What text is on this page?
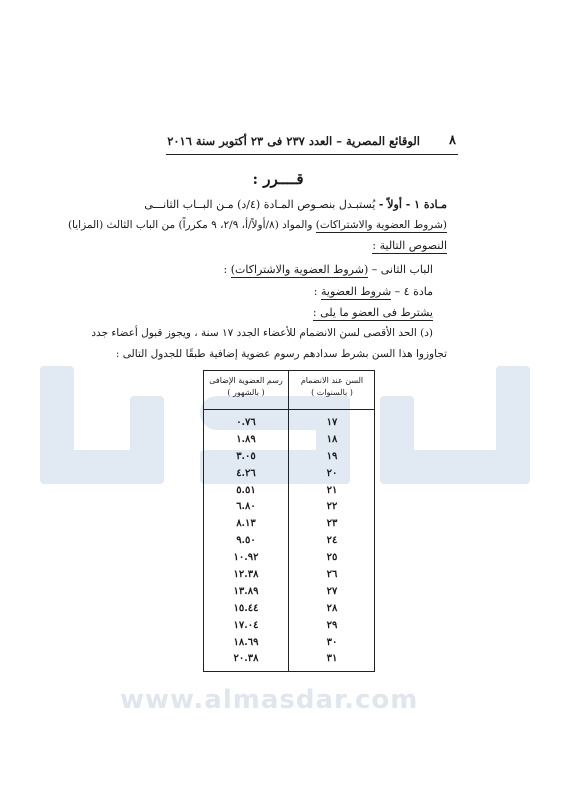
www.almasdar.com
٨
الوقائع المصرية – العدد ٢٣٧ فى ٢٣ أكتوبر سنة ٢٠١٦
قــــرر :
مـادة ١ - أولاً - يُستبـدل بنصـوص المـادة (٤/د) مـن البــاب الثانـــى
(شروط العضوية والاشتراكات) والمواد (٨/أولاً/أ، ٢/٩، ٩ مكرراً) من الباب الثالث (المزايا)
النصوص التالية :
الباب الثانى – (شروط العضوية والاشتراكات) :
مادة ٤ – شروط العضوية :
يشترط فى العضو ما يلى :
(د) الحد الأقصى لسن الانضمام للأعضاء الجدد ١٧ سنة ، ويجوز قبول أعضاء جدد
تجاوزوا هذا السن بشرط سدادهم رسوم عضوية إضافية طبقًا للجدول التالى :
السن عند الانضمام
( بالسنوات )
رسم العضوية الإضافى
( بالشهور )
١٧
٠.٧٦
١٨
١.٨٩
١٩
٣.٠٥
٢٠
٤.٢٦
٢١
٥.٥١
٢٢
٦.٨٠
٢٣
٨.١٣
٢٤
٩.٥٠
٢٥
١٠.٩٢
٢٦
١٢.٣٨
٢٧
١٣.٨٩
٢٨
١٥.٤٤
٢٩
١٧.٠٤
٣٠
١٨.٦٩
٣١
٢٠.٣٨
